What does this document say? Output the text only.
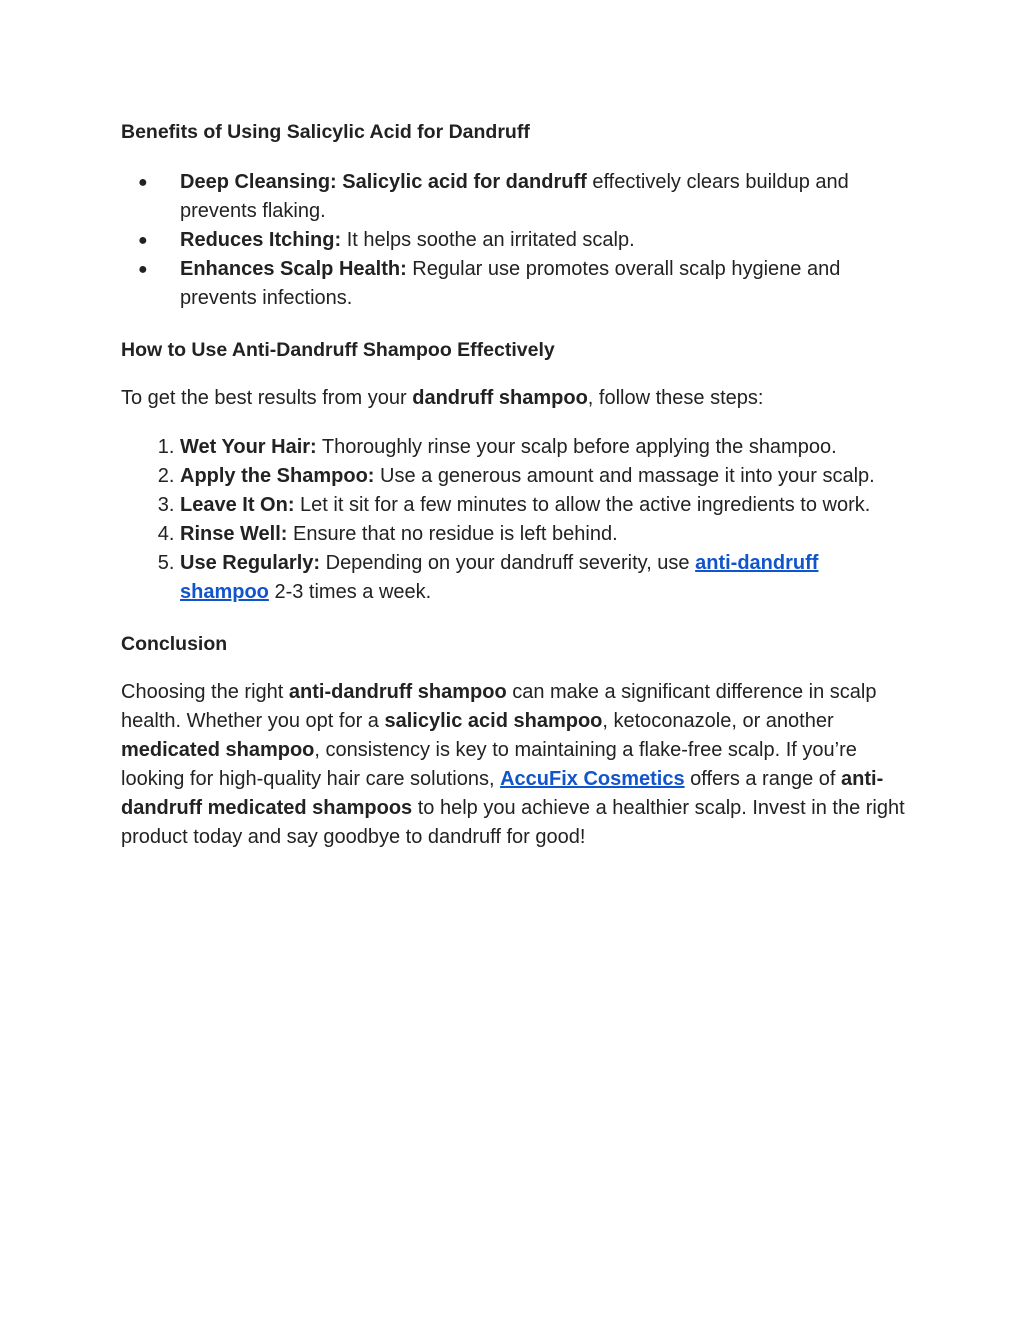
Benefits of Using Salicylic Acid for Dandruff
● Deep Cleansing: Salicylic acid for dandruff effectively clears buildup and prevents flaking.
● Reduces Itching: It helps soothe an irritated scalp.
● Enhances Scalp Health: Regular use promotes overall scalp hygiene and prevents infections.
How to Use Anti-Dandruff Shampoo Effectively

To get the best results from your dandruff shampoo, follow these steps:

1. Wet Your Hair: Thoroughly rinse your scalp before applying the shampoo.
2. Apply the Shampoo: Use a generous amount and massage it into your scalp.
3. Leave It On: Let it sit for a few minutes to allow the active ingredients to work.
4. Rinse Well: Ensure that no residue is left behind.
5. Use Regularly: Depending on your dandruff severity, use anti-dandruff shampoo 2-3 times a week.
Conclusion

Choosing the right anti-dandruff shampoo can make a significant difference in scalp health. Whether you opt for a salicylic acid shampoo, ketoconazole, or another medicated shampoo, consistency is key to maintaining a flake-free scalp. If you’re looking for high-quality hair care solutions, AccuFix Cosmetics offers a range of anti-dandruff medicated shampoos to help you achieve a healthier scalp. Invest in the right product today and say goodbye to dandruff for good!
